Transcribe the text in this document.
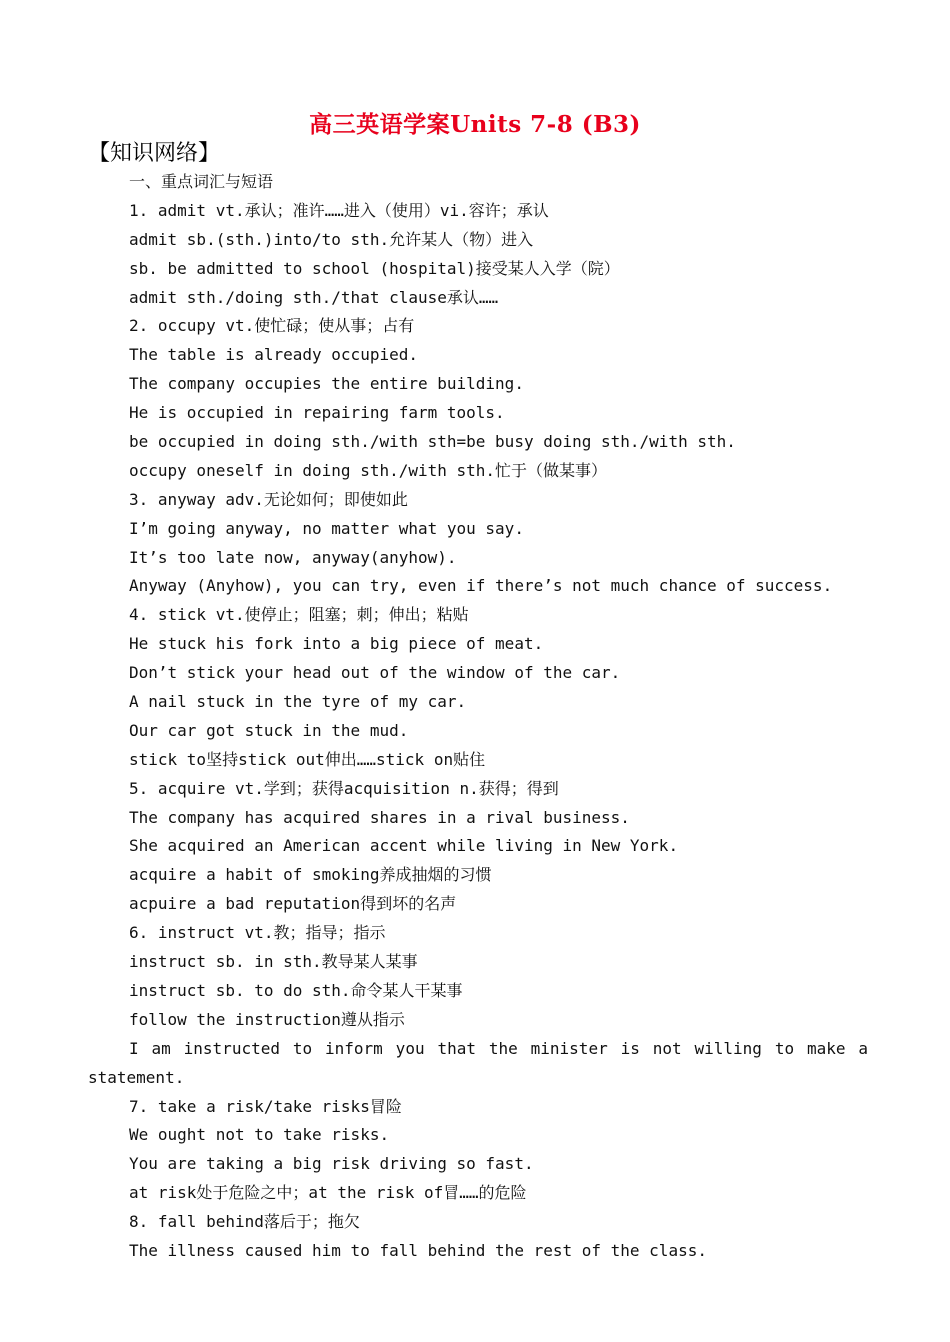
高三英语学案Units 7-8 (B3)
【知识网络】
一、重点词汇与短语
1. admit vt.承认；准许……进入（使用）vi.容许；承认
admit sb.(sth.)into/to sth.允许某人（物）进入
sb. be admitted to school (hospital)接受某人入学（院）
admit sth./doing sth./that clause承认……
2. occupy vt.使忙碌；使从事；占有
The table is already occupied.
The company occupies the entire building.
He is occupied in repairing farm tools.
be occupied in doing sth./with sth=be busy doing sth./with sth.
occupy oneself in doing sth./with sth.忙于（做某事）
3. anyway adv.无论如何；即使如此
I’m going anyway, no matter what you say.
It’s too late now, anyway(anyhow).
Anyway (Anyhow), you can try, even if there’s not much chance of success.
4. stick vt.使停止；阻塞；刺；伸出；粘贴
He stuck his fork into a big piece of meat.
Don’t stick your head out of the window of the car.
A nail stuck in the tyre of my car.
Our car got stuck in the mud.
stick to坚持stick out伸出……stick on贴住
5. acquire vt.学到；获得acquisition n.获得；得到
The company has acquired shares in a rival business.
She acquired an American accent while living in New York.
acquire a habit of smoking养成抽烟的习惯
acpuire a bad reputation得到坏的名声
6. instruct vt.教；指导；指示
instruct sb. in sth.教导某人某事
instruct sb. to do sth.命令某人干某事
follow the instruction遵从指示
I am instructed to inform you that the minister is not willing to make a statement.
7. take a risk/take risks冒险
We ought not to take risks.
You are taking a big risk driving so fast.
at risk处于危险之中；at the risk of冒……的危险
8. fall behind落后于；拖欠
The illness caused him to fall behind the rest of the class.
